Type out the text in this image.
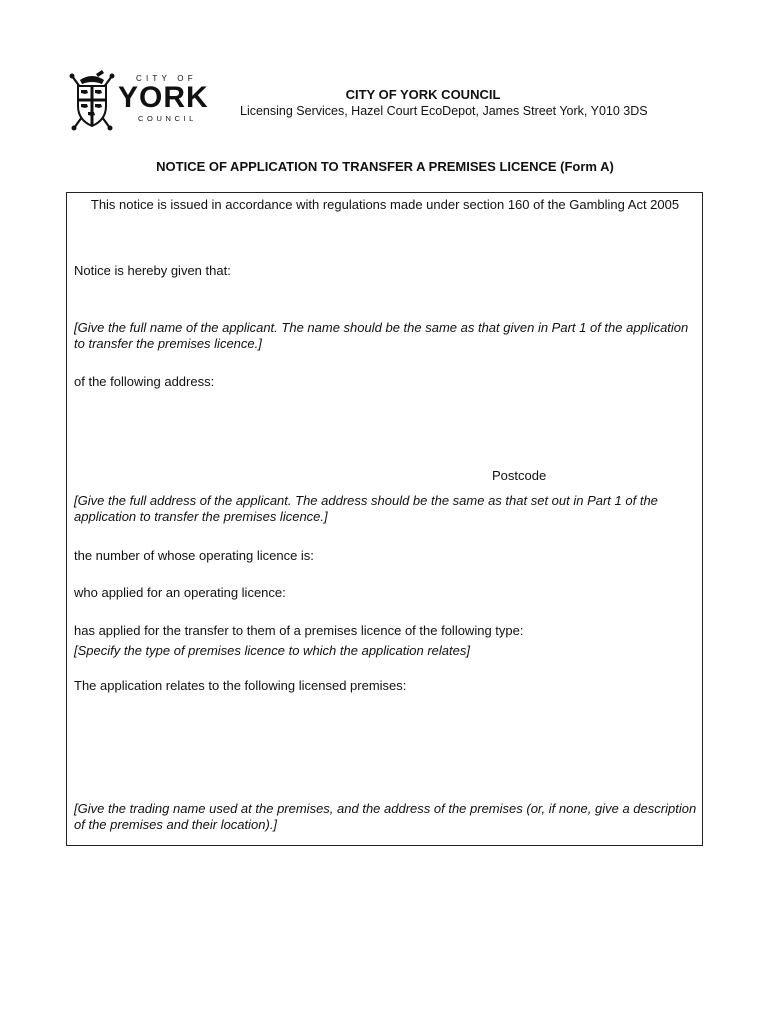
CITY OF
YORK
COUNCIL
CITY OF YORK COUNCIL
Licensing Services, Hazel Court EcoDepot, James Street York, Y010 3DS
NOTICE OF APPLICATION TO TRANSFER A PREMISES LICENCE (Form A)
This notice is issued in accordance with regulations made under section 160 of the Gambling Act 2005
Notice is hereby given that:
[Give the full name of the applicant. The name should be the same as that given in Part 1 of the application to transfer the premises licence.]
of the following address:
Postcode
[Give the full address of the applicant. The address should be the same as that set out in Part 1 of the application to transfer the premises licence.]
the number of whose operating licence is:
who applied for an operating licence:
has applied for the transfer to them of a premises licence of the following type:
[Specify the type of premises licence to which the application relates]
The application relates to the following licensed premises:
[Give the trading name used at the premises, and the address of the premises (or, if none, give a description of the premises and their location).]
